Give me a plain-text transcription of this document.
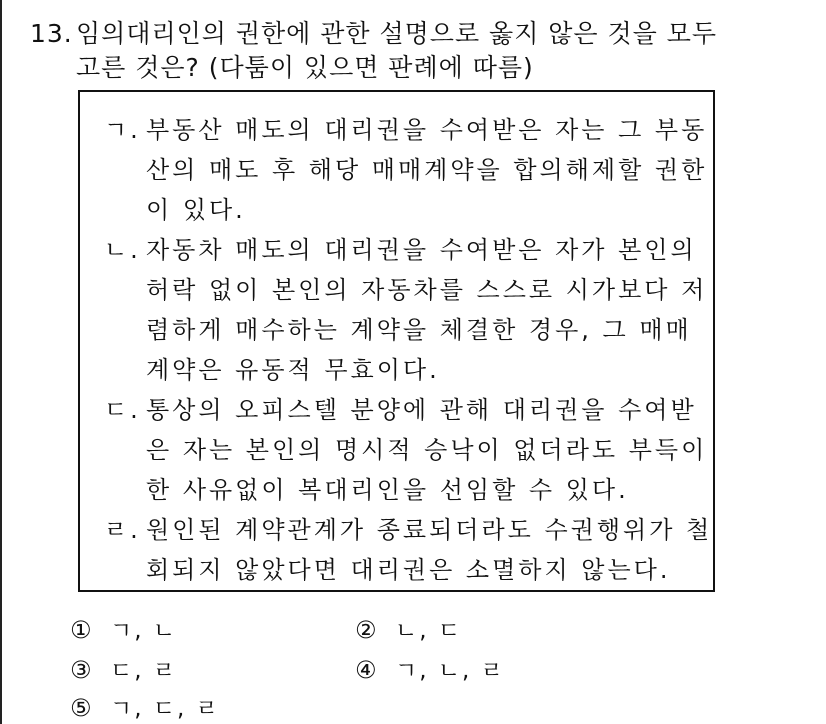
13. 임의대리인의 권한에 관한 설명으로 옳지 않은 것을 모두
고른 것은? (다툼이 있으면 판례에 따름)
ㄱ. 부동산 매도의 대리권을 수여받은 자는 그 부동
산의 매도 후 해당 매매계약을 합의해제할 권한
이 있다.
ㄴ. 자동차 매도의 대리권을 수여받은 자가 본인의
허락 없이 본인의 자동차를 스스로 시가보다 저
렴하게 매수하는 계약을 체결한 경우, 그 매매
계약은 유동적 무효이다.
ㄷ. 통상의 오피스텔 분양에 관해 대리권을 수여받
은 자는 본인의 명시적 승낙이 없더라도 부득이
한 사유없이 복대리인을 선임할 수 있다.
ㄹ. 원인된 계약관계가 종료되더라도 수권행위가 철
회되지 않았다면 대리권은 소멸하지 않는다.
① ㄱ, ㄴ	② ㄴ, ㄷ
③ ㄷ, ㄹ	④ ㄱ, ㄴ, ㄹ
⑤ ㄱ, ㄷ, ㄹ
